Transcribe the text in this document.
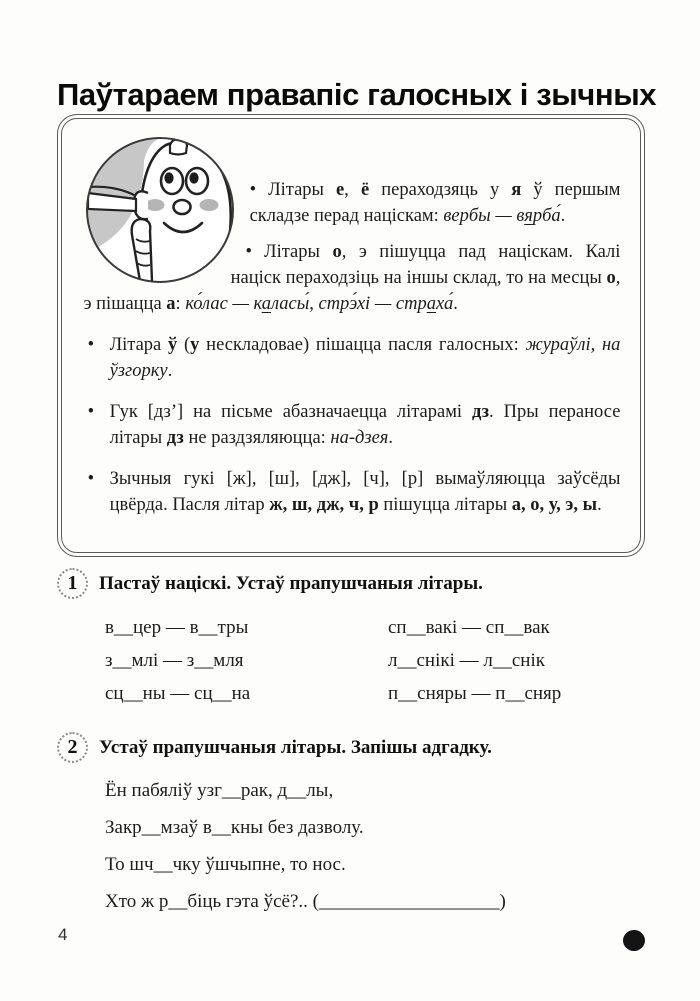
Паўтараем правапіс галосных і зычных

• Літары е, ё пераходзяць у я ў першым складзе перад націскам: вербы — вярба́.

• Літары о, э пішуцца пад націскам. Калі націск пераходзіць на іншы склад, то на месцы о, э пішацца а: ко́лас — каласы́, стрэ́хі — страха́.

• Літара ў (у нескладовае) пішацца пасля галосных: жураўлі, на ўзгорку.
• Гук [дз’] на пісьме абазначаецца літарамі дз. Пры пераносе літары дз не раздзяляюцца: на-дзея.
• Зычныя гукі [ж], [ш], [дж], [ч], [р] вымаўляюцца заўсёды цвёрда. Пасля літар ж, ш, дж, ч, р пішуцца літары а, о, у, э, ы.
1	Пастаў націскі. Устаў прапушчаныя літары.
в__цер — в__тры	сп__вакі — сп__вак
з__млі — з__мля	л__снікі — л__снік
сц__ны — сц__на	п__сняры — п__сняр
2	Устаў прапушчаныя літары. Запішы адгадку.
Ён пабяліў узг__рак, д__лы,
Закр__мзаў в__кны без дазволу.
То шч__чку ўшчыпне, то нос.
Хто ж р__біць гэта ўсё?.. (___________________)
4
